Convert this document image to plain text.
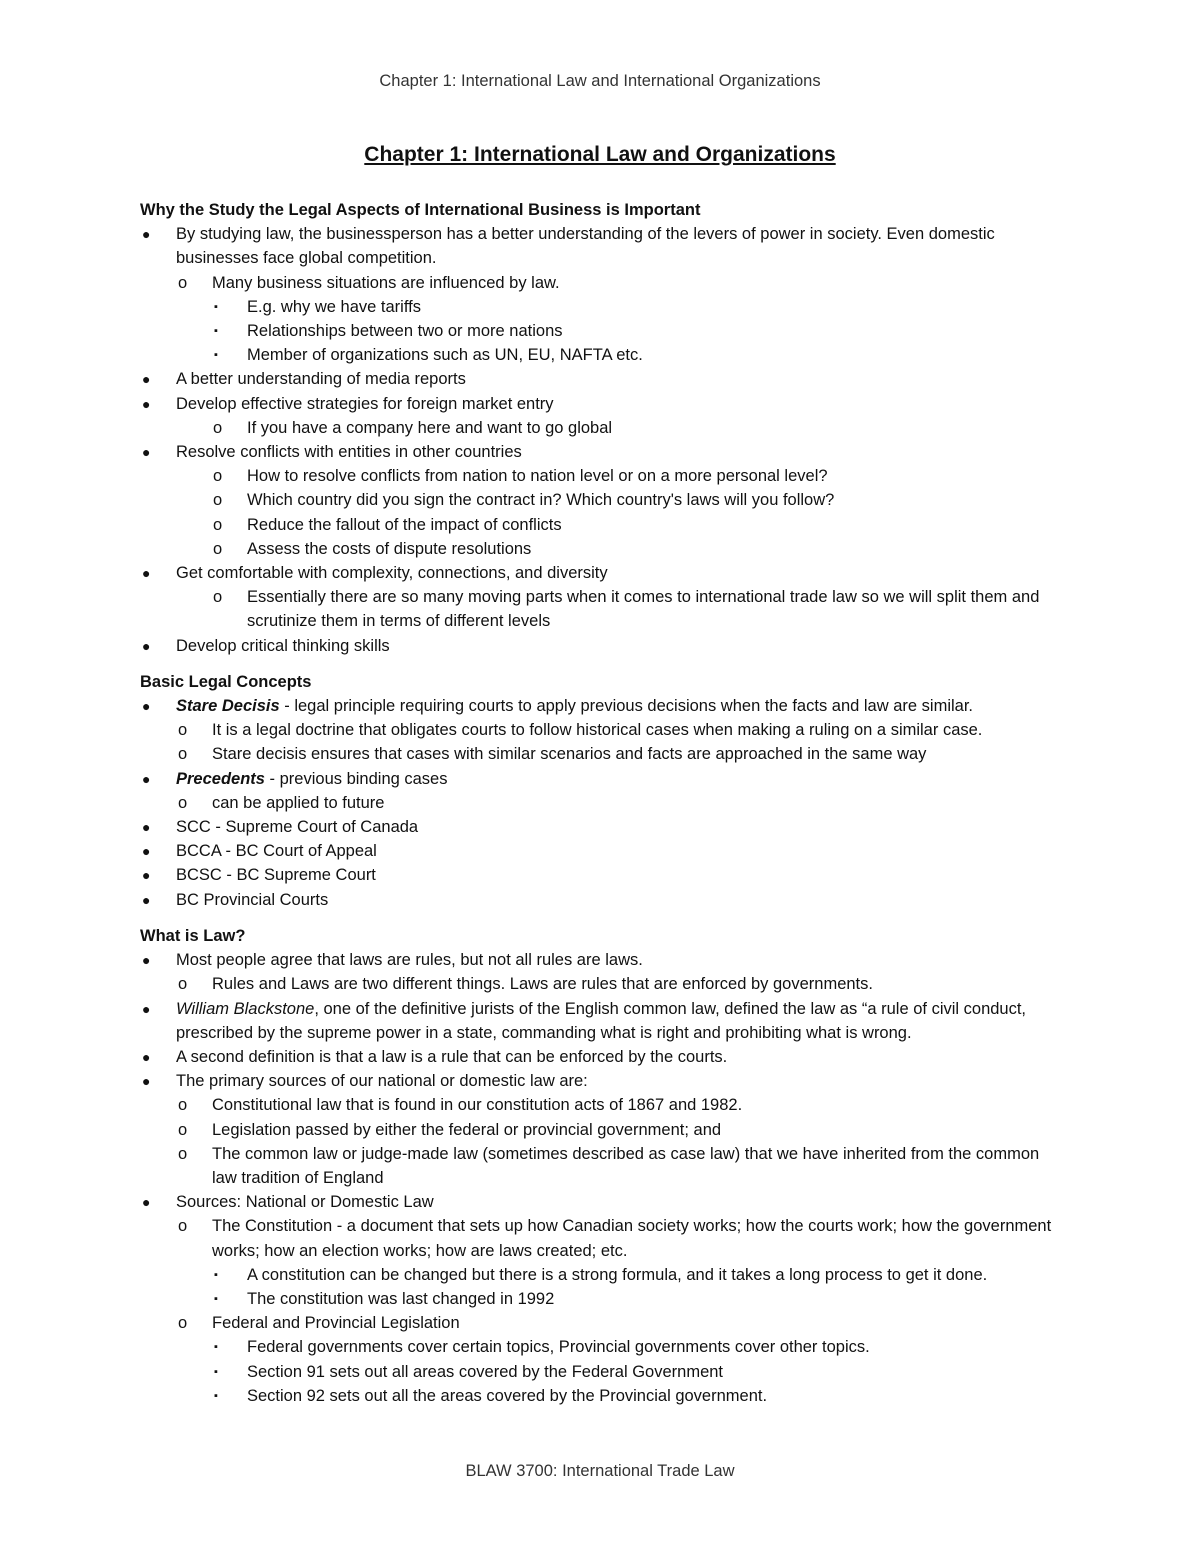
Chapter 1: International Law and International Organizations
Chapter 1: International Law and Organizations

Why the Study the Legal Aspects of International Business is Important

● By studying law, the businessperson has a better understanding of the levers of power in society. Even domestic businesses face global competition.
o Many business situations are influenced by law.
▪ E.g. why we have tariffs
▪ Relationships between two or more nations
▪ Member of organizations such as UN, EU, NAFTA etc.
● A better understanding of media reports
● Develop effective strategies for foreign market entry
o If you have a company here and want to go global
● Resolve conflicts with entities in other countries
o How to resolve conflicts from nation to nation level or on a more personal level?
o Which country did you sign the contract in? Which country's laws will you follow?
o Reduce the fallout of the impact of conflicts
o Assess the costs of dispute resolutions
● Get comfortable with complexity, connections, and diversity
o Essentially there are so many moving parts when it comes to international trade law so we will split them and scrutinize them in terms of different levels
● Develop critical thinking skills

Basic Legal Concepts

● Stare Decisis - legal principle requiring courts to apply previous decisions when the facts and law are similar.
o It is a legal doctrine that obligates courts to follow historical cases when making a ruling on a similar case.
o Stare decisis ensures that cases with similar scenarios and facts are approached in the same way
● Precedents - previous binding cases
o can be applied to future
● SCC - Supreme Court of Canada
● BCCA - BC Court of Appeal
● BCSC - BC Supreme Court
● BC Provincial Courts

What is Law?

● Most people agree that laws are rules, but not all rules are laws.
o Rules and Laws are two different things. Laws are rules that are enforced by governments.
● William Blackstone, one of the definitive jurists of the English common law, defined the law as “a rule of civil conduct, prescribed by the supreme power in a state, commanding what is right and prohibiting what is wrong.
● A second definition is that a law is a rule that can be enforced by the courts.
● The primary sources of our national or domestic law are:
o Constitutional law that is found in our constitution acts of 1867 and 1982.
o Legislation passed by either the federal or provincial government; and
o The common law or judge-made law (sometimes described as case law) that we have inherited from the common law tradition of England
● Sources: National or Domestic Law
o The Constitution - a document that sets up how Canadian society works; how the courts work; how the government works; how an election works; how are laws created; etc.
▪ A constitution can be changed but there is a strong formula, and it takes a long process to get it done.
▪ The constitution was last changed in 1992
o Federal and Provincial Legislation
▪ Federal governments cover certain topics, Provincial governments cover other topics.
▪ Section 91 sets out all areas covered by the Federal Government
▪ Section 92 sets out all the areas covered by the Provincial government.
BLAW 3700: International Trade Law
